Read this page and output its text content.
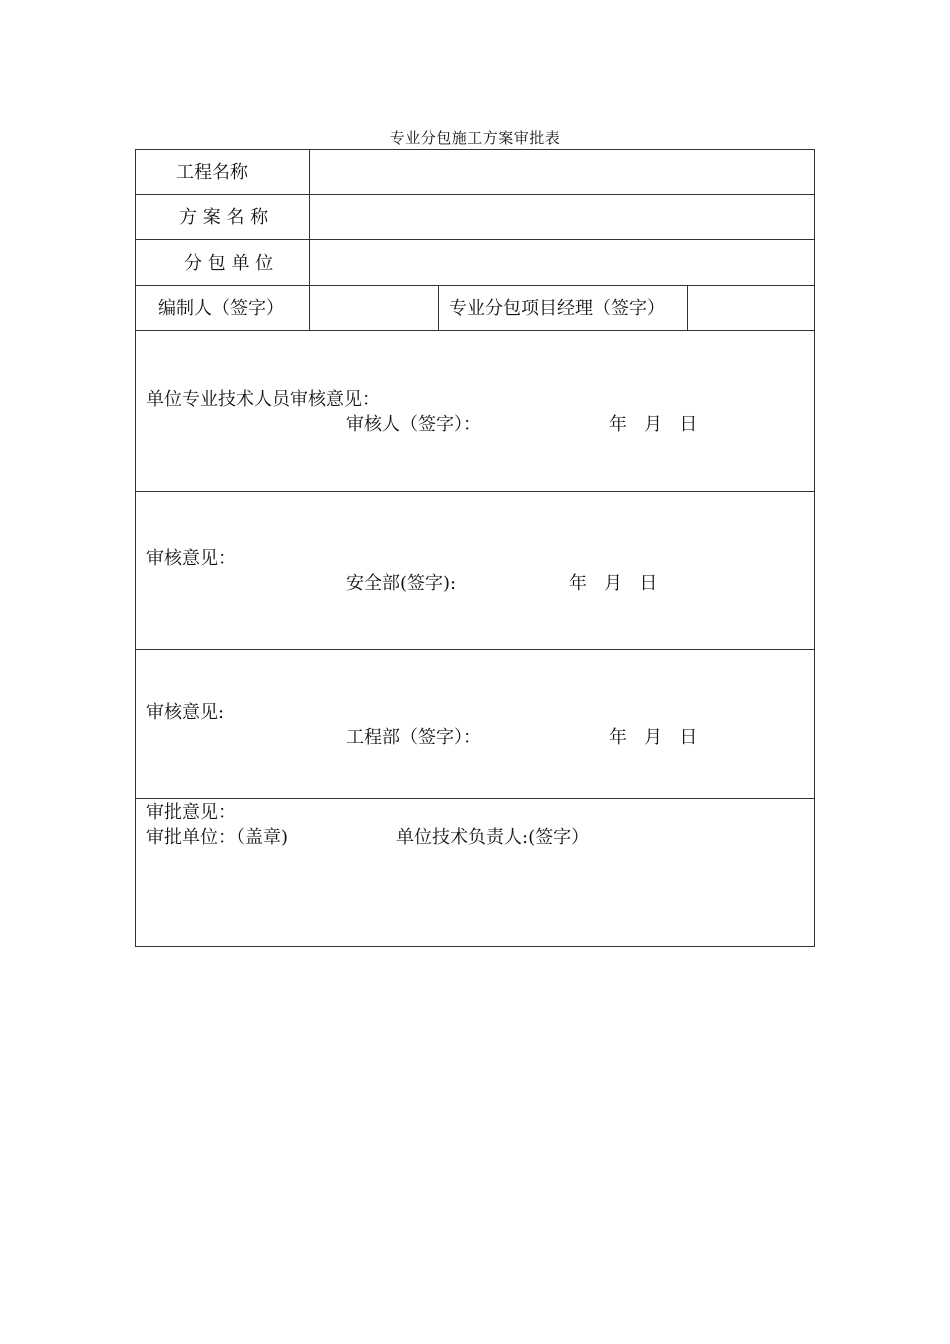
专业分包施工方案审批表
工程名称
方 案 名 称
分 包 单 位
编制人（签字）	专业分包项目经理（签字）
单位专业技术人员审核意见：
审核人（签字）：	年   月   日
审核意见：
安全部(签字):	年   月   日
审核意见:
工程部（签字）：	年   月   日
审批意见：
审批单位：（盖章)	单位技术负责人:(签字）
